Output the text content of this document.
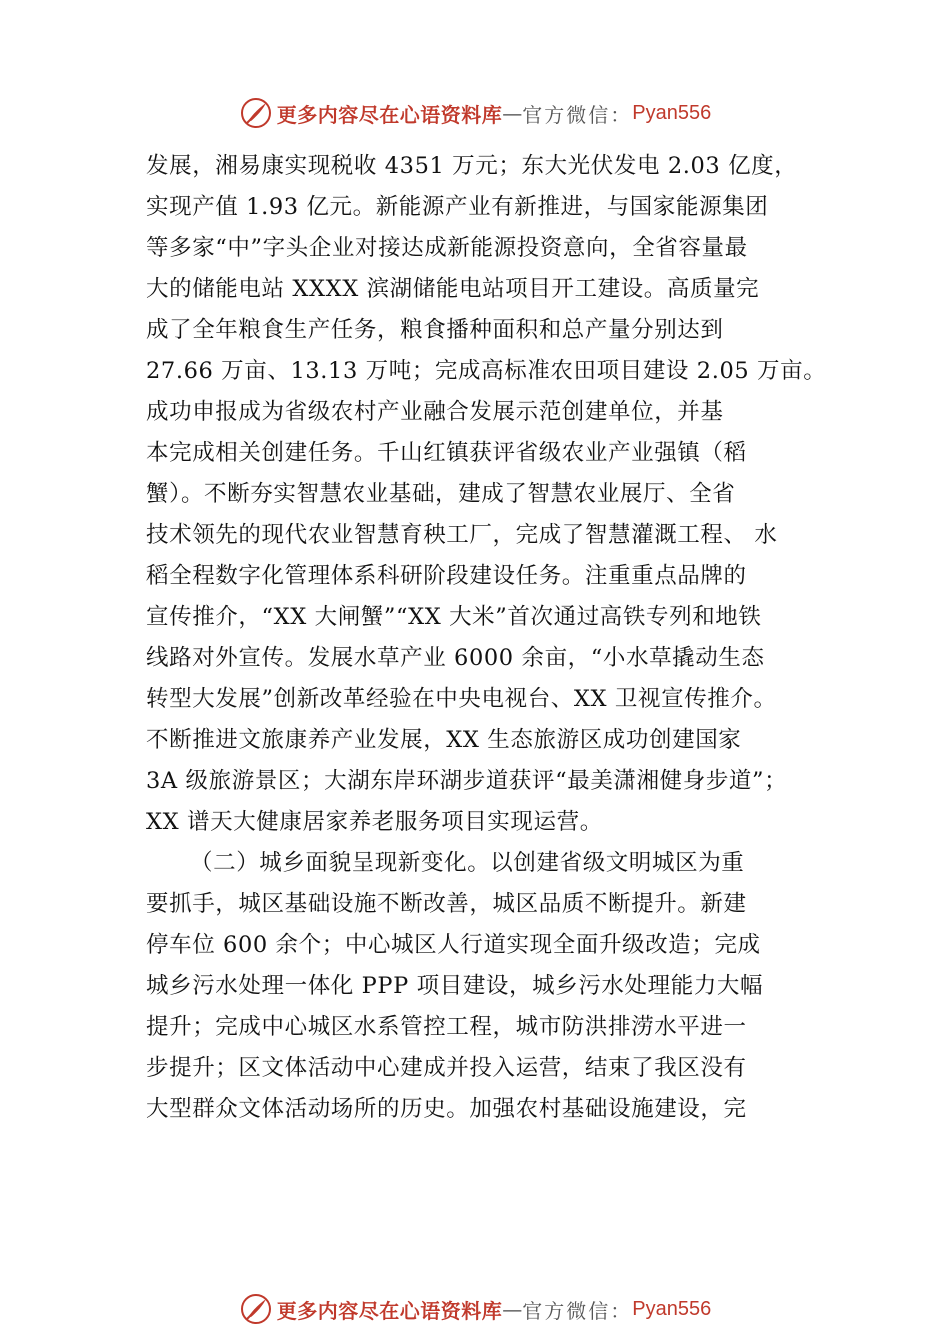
更多内容尽在心语资料库 — 官方微信： Pyan556
发展，湘易康实现税收 4351 万元；东大光伏发电 2.03 亿度，
实现产值 1.93 亿元。新能源产业有新推进，与国家能源集团
等多家“中”字头企业对接达成新能源投资意向，全省容量最
大的储能电站 XXXX 滨湖储能电站项目开工建设。高质量完
成了全年粮食生产任务，粮食播种面积和总产量分别达到
27.66 万亩、13.13 万吨；完成高标准农田项目建设 2.05 万亩。
成功申报成为省级农村产业融合发展示范创建单位，并基
本完成相关创建任务。千山红镇获评省级农业产业强镇（稻
蟹）。不断夯实智慧农业基础，建成了智慧农业展厅、全省
技术领先的现代农业智慧育秧工厂，完成了智慧灌溉工程、 水
稻全程数字化管理体系科研阶段建设任务。注重重点品牌的
宣传推介，“XX 大闸蟹”“XX 大米”首次通过高铁专列和地铁
线路对外宣传。发展水草产业 6000 余亩，“小水草撬动生态
转型大发展”创新改革经验在中央电视台、XX 卫视宣传推介。
不断推进文旅康养产业发展，XX 生态旅游区成功创建国家
3A 级旅游景区；大湖东岸环湖步道获评“最美潇湘健身步道”；
XX 谱天大健康居家养老服务项目实现运营。
（二）城乡面貌呈现新变化。以创建省级文明城区为重
要抓手，城区基础设施不断改善，城区品质不断提升。新建
停车位 600 余个；中心城区人行道实现全面升级改造；完成
城乡污水处理一体化 PPP 项目建设，城乡污水处理能力大幅
提升；完成中心城区水系管控工程，城市防洪排涝水平进一
步提升；区文体活动中心建成并投入运营，结束了我区没有
大型群众文体活动场所的历史。加强农村基础设施建设，完
更多内容尽在心语资料库 — 官方微信： Pyan556
